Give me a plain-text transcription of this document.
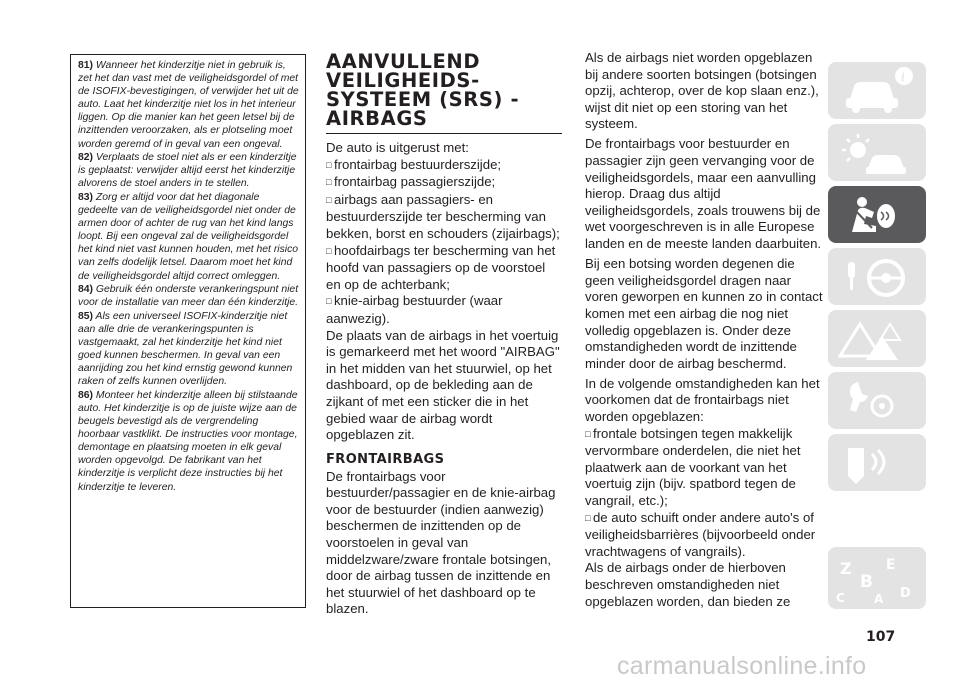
81) Wanneer het kinderzitje niet in gebruik is, zet het dan vast met de veiligheidsgordel of met de ISOFIX-bevestigingen, of verwijder het uit de auto. Laat het kinderzitje niet los in het interieur liggen. Op die manier kan het geen letsel bij de inzittenden veroorzaken, als er plotseling moet worden geremd of in geval van een ongeval.

82) Verplaats de stoel niet als er een kinderzitje is geplaatst: verwijder altijd eerst het kinderzitje alvorens de stoel anders in te stellen.

83) Zorg er altijd voor dat het diagonale gedeelte van de veiligheidsgordel niet onder de armen door of achter de rug van het kind langs loopt. Bij een ongeval zal de veiligheidsgordel het kind niet vast kunnen houden, met het risico van zelfs dodelijk letsel. Daarom moet het kind de veiligheidsgordel altijd correct omleggen.

84) Gebruik één onderste verankeringspunt niet voor de installatie van meer dan één kinderzitje.

85) Als een universeel ISOFIX-kinderzitje niet aan alle drie de verankeringspunten is vastgemaakt, zal het kinderzitje het kind niet goed kunnen beschermen. In geval van een aanrijding zou het kind ernstig gewond kunnen raken of zelfs kunnen overlijden.

86) Monteer het kinderzitje alleen bij stilstaande auto. Het kinderzitje is op de juiste wijze aan de beugels bevestigd als de vergrendeling hoorbaar vastklikt. De instructies voor montage, demontage en plaatsing moeten in elk geval worden opgevolgd. De fabrikant van het kinderzitje is verplicht deze instructies bij het kinderzitje te leveren.

AANVULLEND VEILIGHEIDS-SYSTEEM (SRS) - AIRBAGS

De auto is uitgerust met:

□ frontairbag bestuurderszijde;
□ frontairbag passagierszijde;
□ airbags aan passagiers- en bestuurderszijde ter bescherming van bekken, borst en schouders (zijairbags);
□ hoofdairbags ter bescherming van het hoofd van passagiers op de voorstoel en op de achterbank;
□ knie-airbag bestuurder (waar aanwezig).

De plaats van de airbags in het voertuig is gemarkeerd met het woord "AIRBAG" in het midden van het stuurwiel, op het dashboard, op de bekleding aan de zijkant of met een sticker die in het gebied waar de airbag wordt opgeblazen zit.

FRONTAIRBAGS

De frontairbags voor bestuurder/passagier en de knie-airbag voor de bestuurder (indien aanwezig) beschermen de inzittenden op de voorstoelen in geval van middelzware/zware frontale botsingen, door de airbag tussen de inzittende en het stuurwiel of het dashboard op te blazen.

Als de airbags niet worden opgeblazen bij andere soorten botsingen (botsingen opzij, achterop, over de kop slaan enz.), wijst dit niet op een storing van het systeem.

De frontairbags voor bestuurder en passagier zijn geen vervanging voor de veiligheidsgordels, maar een aanvulling hierop. Draag dus altijd veiligheidsgordels, zoals trouwens bij de wet voorgeschreven is in alle Europese landen en de meeste landen daarbuiten.

Bij een botsing worden degenen die geen veiligheidsgordel dragen naar voren geworpen en kunnen zo in contact komen met een airbag die nog niet volledig opgeblazen is. Onder deze omstandigheden wordt de inzittende minder door de airbag beschermd.

In de volgende omstandigheden kan het voorkomen dat de frontairbags niet worden opgeblazen:

□ frontale botsingen tegen makkelijk vervormbare onderdelen, die niet het plaatwerk aan de voorkant van het voertuig zijn (bijv. spatbord tegen de vangrail, etc.);
□ de auto schuift onder andere auto's of veiligheidsbarrières (bijvoorbeeld onder vrachtwagens of vangrails).

Als de airbags onder de hierboven beschreven omstandigheden niet opgeblazen worden, dan bieden ze

i
Z E
B
C	D
A
107
carmanualsonline.info
